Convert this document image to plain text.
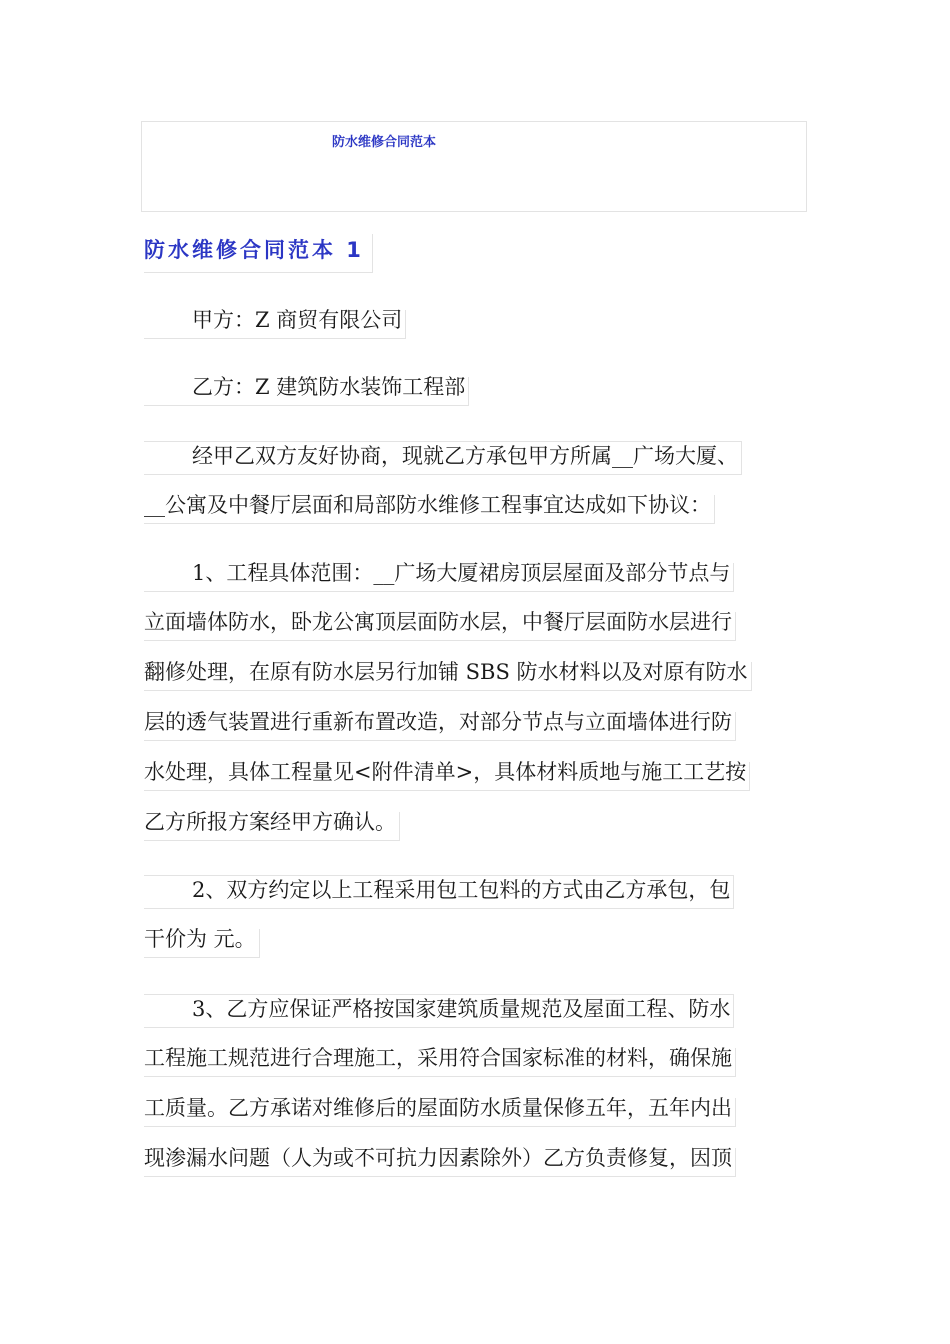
防水维修合同范本
防水维修合同范本 1
甲方：Z 商贸有限公司
乙方：Z 建筑防水装饰工程部
经甲乙双方友好协商，现就乙方承包甲方所属__广场大厦、
__公寓及中餐厅层面和局部防水维修工程事宜达成如下协议：
1、工程具体范围：__广场大厦裙房顶层屋面及部分节点与
立面墙体防水，卧龙公寓顶层面防水层，中餐厅层面防水层进行
翻修处理，在原有防水层另行加铺 SBS 防水材料以及对原有防水
层的透气装置进行重新布置改造，对部分节点与立面墙体进行防
水处理，具体工程量见<附件清单>，具体材料质地与施工工艺按
乙方所报方案经甲方确认。
2、双方约定以上工程采用包工包料的方式由乙方承包，包
干价为 元。
3、乙方应保证严格按国家建筑质量规范及屋面工程、防水
工程施工规范进行合理施工，采用符合国家标准的材料，确保施
工质量。乙方承诺对维修后的屋面防水质量保修五年，五年内出
现渗漏水问题（人为或不可抗力因素除外）乙方负责修复，因顶
